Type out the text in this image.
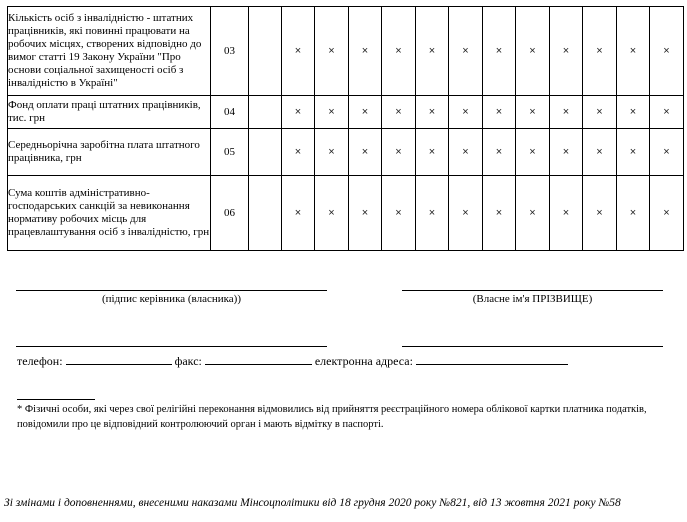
Кількість осіб з інвалідністю - штатних працівників, які повинні працювати на робочих місцях, створених відповідно до вимог статті 19 Закону України "Про основи соціальної захищеності осіб з інвалідністю в Україні"	03		×	×	×	×	×	×	×	×	×	×	×	×
Фонд оплати праці штатних працівників, тис. грн	04		×	×	×	×	×	×	×	×	×	×	×	×
Середньорічна заробітна плата штатного працівника, грн	05		×	×	×	×	×	×	×	×	×	×	×	×
Сума коштів адміністративно-господарських санкцій за невиконання нормативу робочих місць для працевлаштування осіб з інвалідністю, грн	06		×	×	×	×	×	×	×	×	×	×	×	×
(підпис керівника (власника))	(Власне ім'я ПРІЗВИЩЕ)
телефон:	факс:	електронна адреса:
* Фізичні особи, які через свої релігійні переконання відмовились від прийняття реєстраційного номера облікової картки платника податків, повідомили про це відповідний контролюючий орган і мають відмітку в паспорті.
Зі змінами і доповненнями, внесеними наказами Мінсоцполітики від 18 грудня 2020 року №821, від 13 жовтня 2021 року №58
